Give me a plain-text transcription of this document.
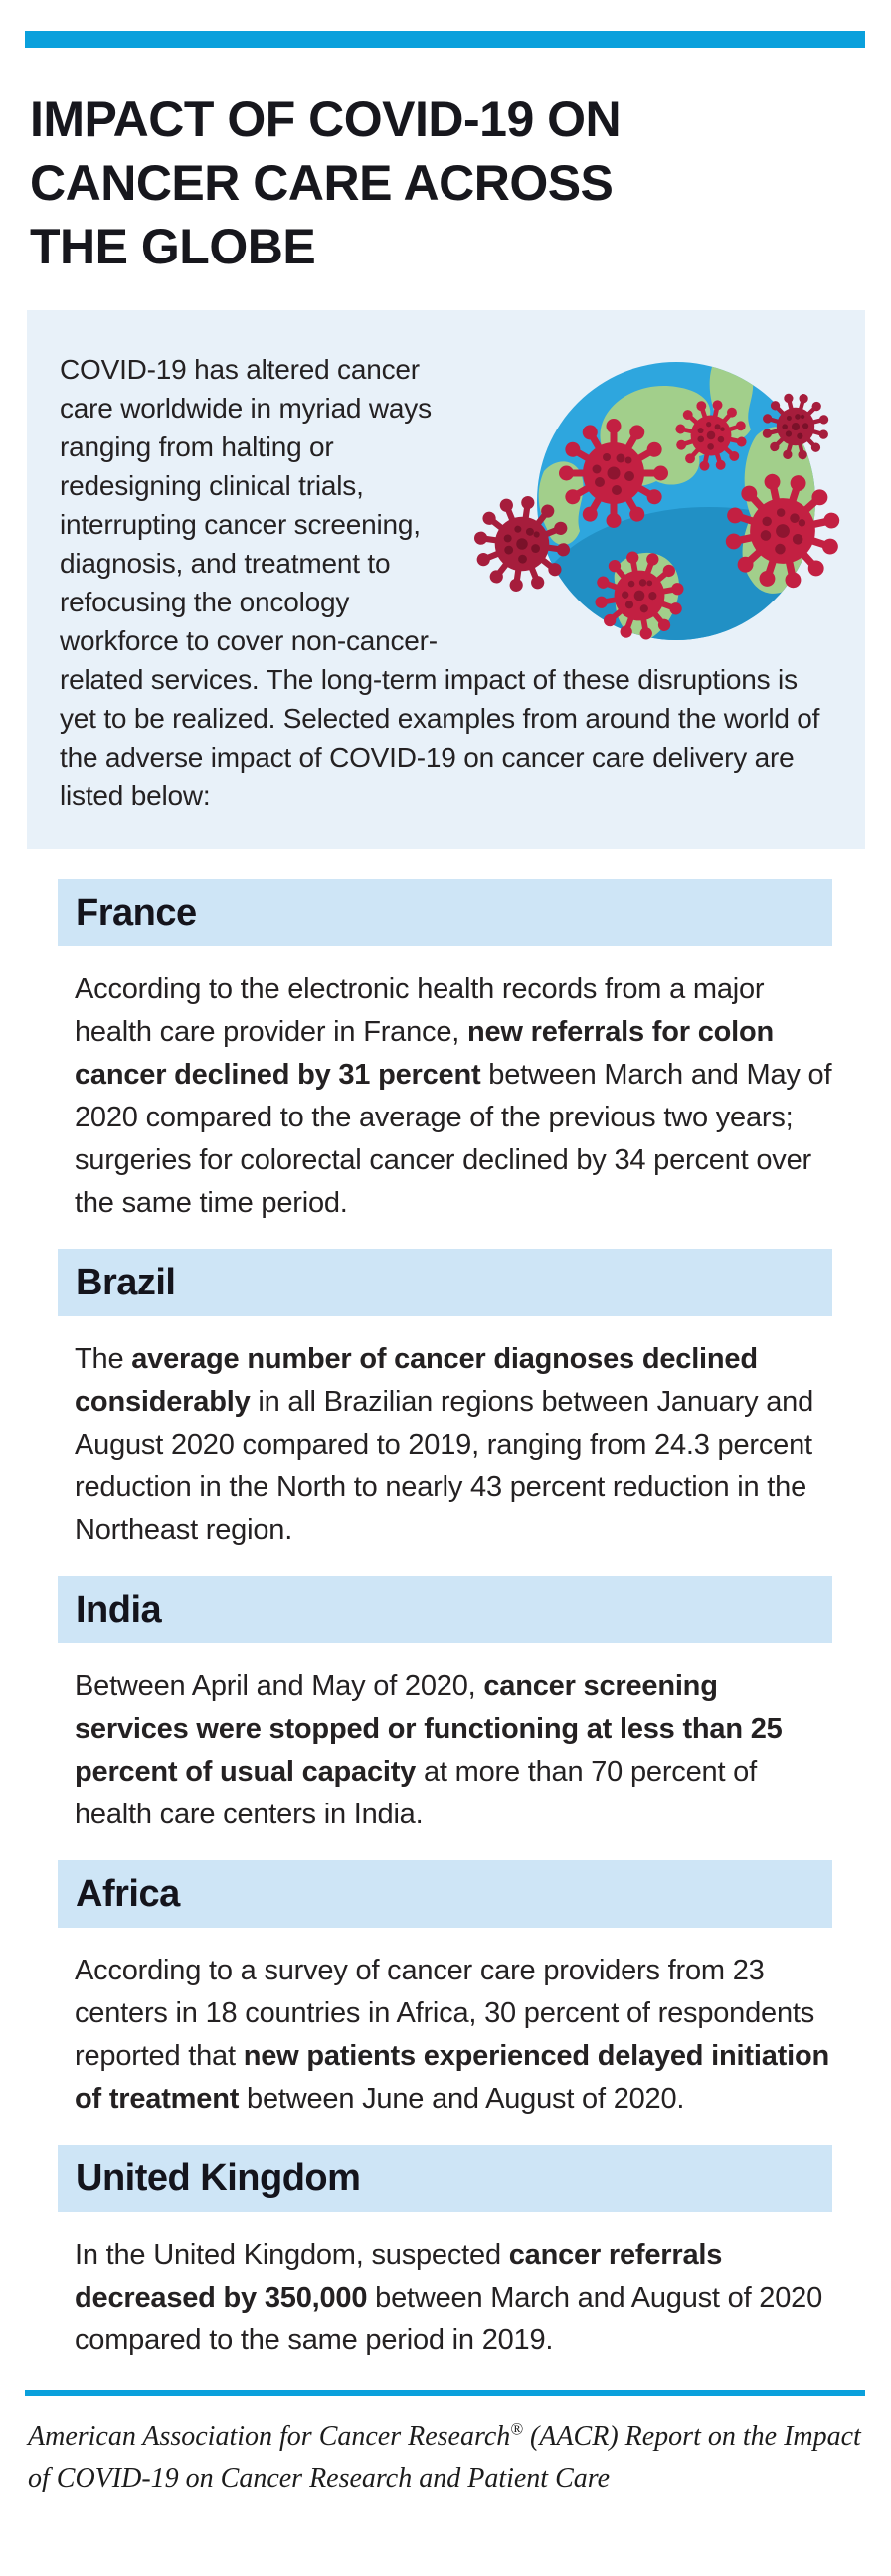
IMPACT OF COVID-19 ON CANCER CARE ACROSS THE GLOBE

COVID-19 has altered cancer care worldwide in myriad ways ranging from halting or redesigning clinical trials, interrupting cancer screening, diagnosis, and treatment to refocusing the oncology workforce to cover non-cancer-related services. The long-term impact of these disruptions is yet to be realized. Selected examples from around the world of the adverse impact of COVID-19 on cancer care delivery are listed below:

France

According to the electronic health records from a major health care provider in France, new referrals for colon cancer declined by 31 percent between March and May of 2020 compared to the average of the previous two years; surgeries for colorectal cancer declined by 34 percent over the same time period.

Brazil

The average number of cancer diagnoses declined considerably in all Brazilian regions between January and August 2020 compared to 2019, ranging from 24.3 percent reduction in the North to nearly 43 percent reduction in the Northeast region.

India

Between April and May of 2020, cancer screening services were stopped or functioning at less than 25 percent of usual capacity at more than 70 percent of health care centers in India.

Africa

According to a survey of cancer care providers from 23 centers in 18 countries in Africa, 30 percent of respondents reported that new patients experienced delayed initiation of treatment between June and August of 2020.

United Kingdom

In the United Kingdom, suspected cancer referrals decreased by 350,000 between March and August of 2020 compared to the same period in 2019.

American Association for Cancer Research® (AACR) Report on the Impact of COVID-19 on Cancer Research and Patient Care
